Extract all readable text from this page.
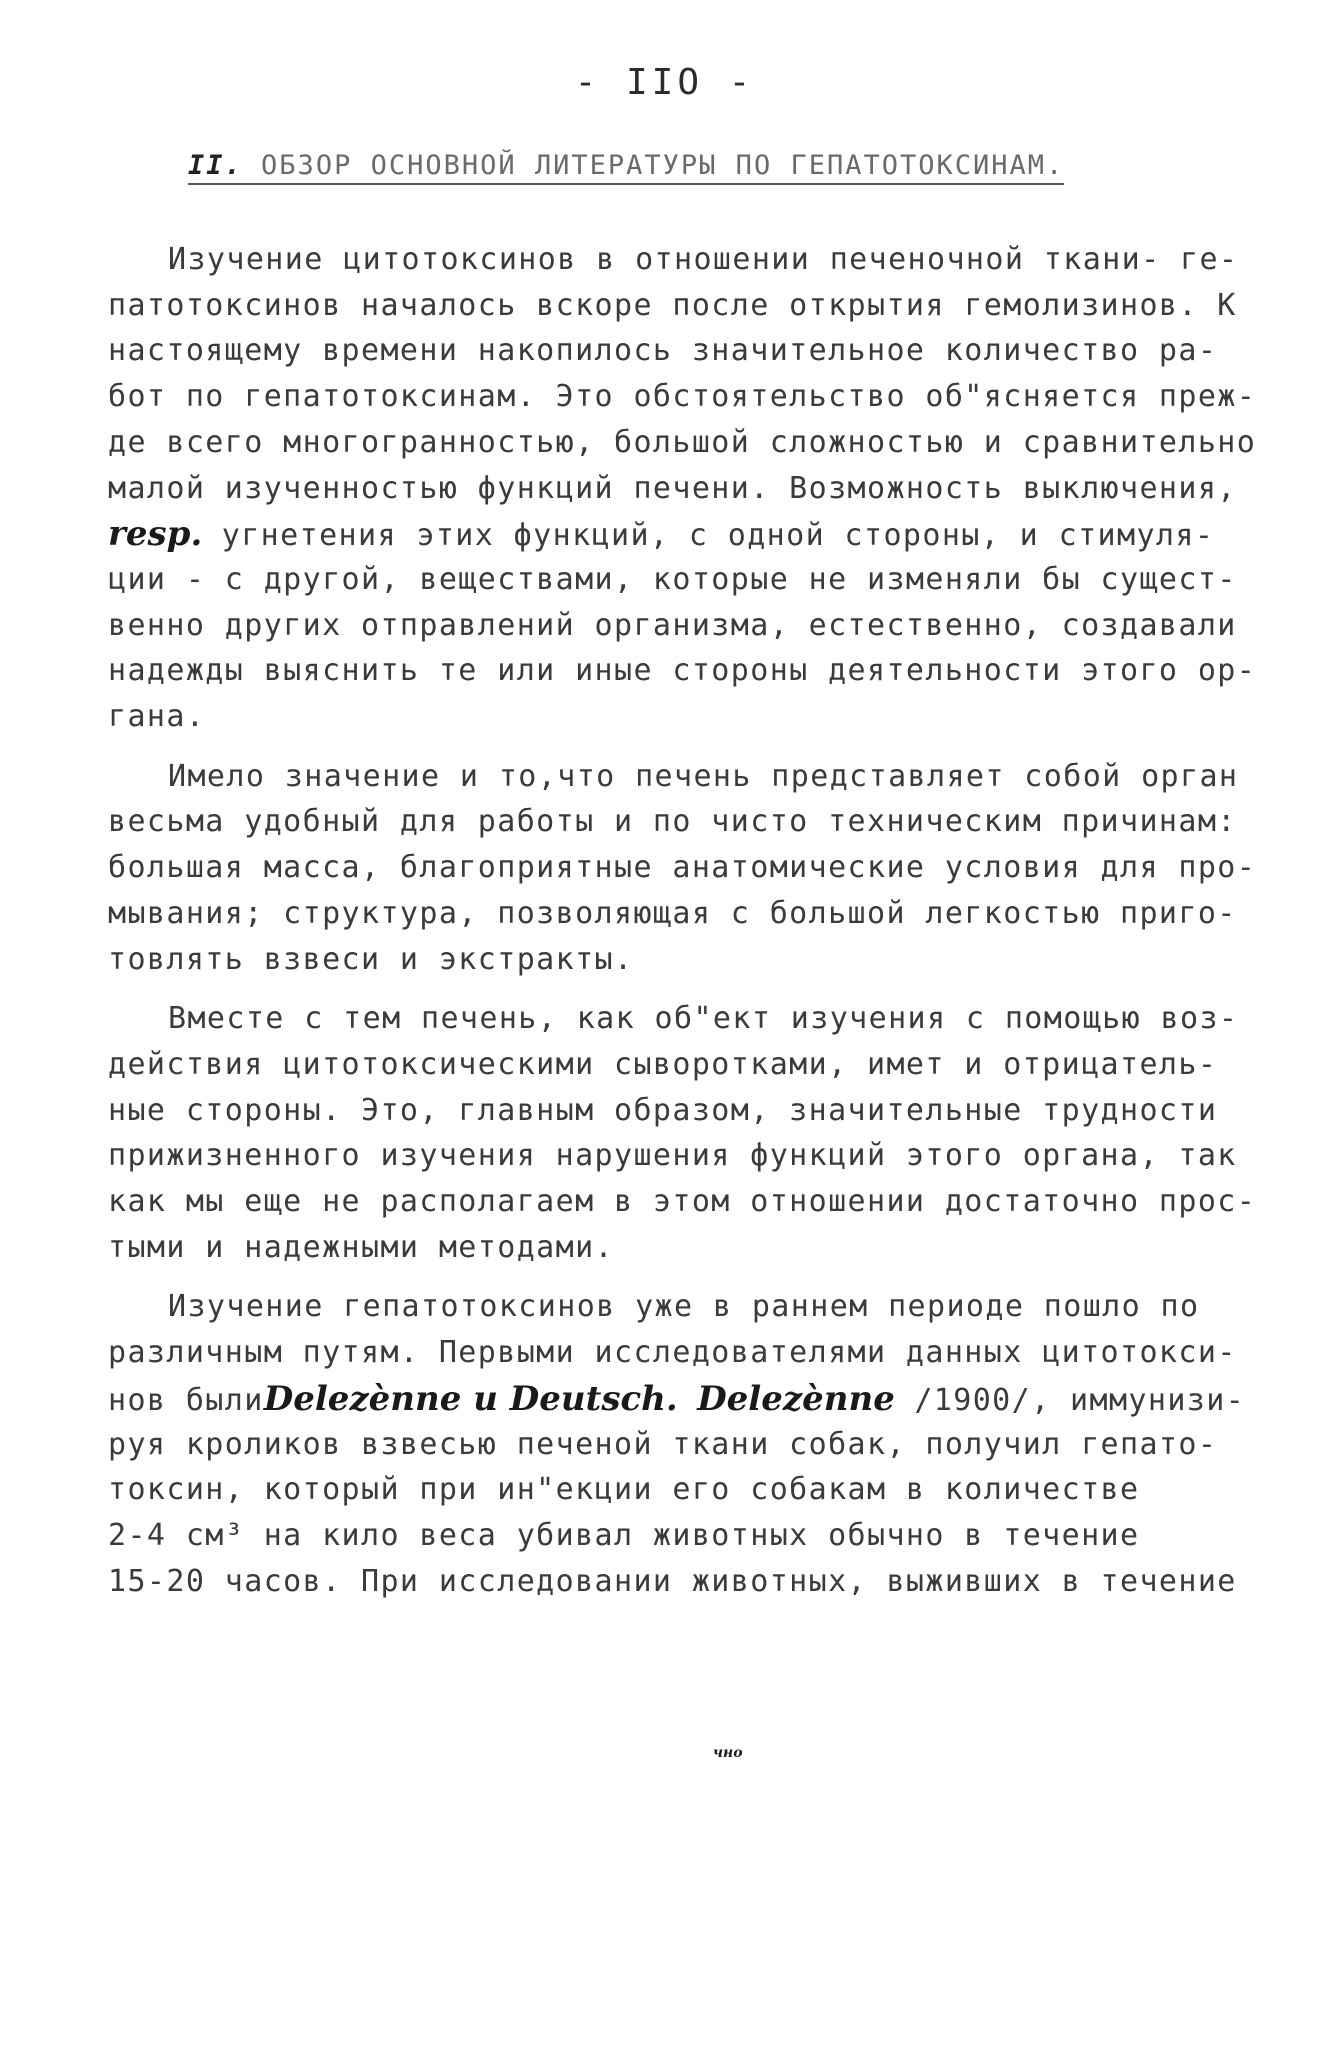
- IIO -
II. ОБЗОР ОСНОВНОЙ ЛИТЕРАТУРЫ ПО ГЕПАТОТОКСИНАМ.
Изучение цитотоксинов в отношении печеночной ткани- ге-
патотоксинов началось вскоре после открытия гемолизинов. К
настоящему времени накопилось значительное количество ра-
бот по гепатотоксинам. Это обстоятельство об"ясняется преж-
де всего многогранностью, большой сложностью и сравнительно
малой изученностью функций печени. Возможность выключения,
resp. угнетения этих функций, с одной стороны, и стимуля-
ции - с другой, веществами, которые не изменяли бы сущест-
венно других отправлений организма, естественно, создавали
надежды выяснить те или иные стороны деятельности этого ор-
гана.
Имело значение и то,что печень представляет собой орган
весьма удобный для работы и по чисто техническим причинам:
большая масса, благоприятные анатомические условия для про-
мывания; структура, позволяющая с большой легкостью приго-
товлять взвеси и экстракты.
Вместе с тем печень, как об"ект изучения с помощью воз-
действия цитотоксическими сыворотками, имет и отрицатель-
ные стороны. Это, главным образом, значительные трудности
прижизненного изучения нарушения функций этого органа, так
как мы еще не располагаем в этом отношении достаточно прос-
тыми и надежными методами.
Изучение гепатотоксинов уже в раннем периоде пошло по
различным путям. Первыми исследователями данных цитотокси-
нов былиDelezènne и Deutsch. Delezènne /1900/, иммунизи-
руя кроликов взвесью печеной ткани собак, получил гепато-
токсин, который при ин"екции его собакам в количестве
2-4 см³ на кило веса убивал животных обычно в течение
15-20 часов. При исследовании животных, выживших в течение
чно
